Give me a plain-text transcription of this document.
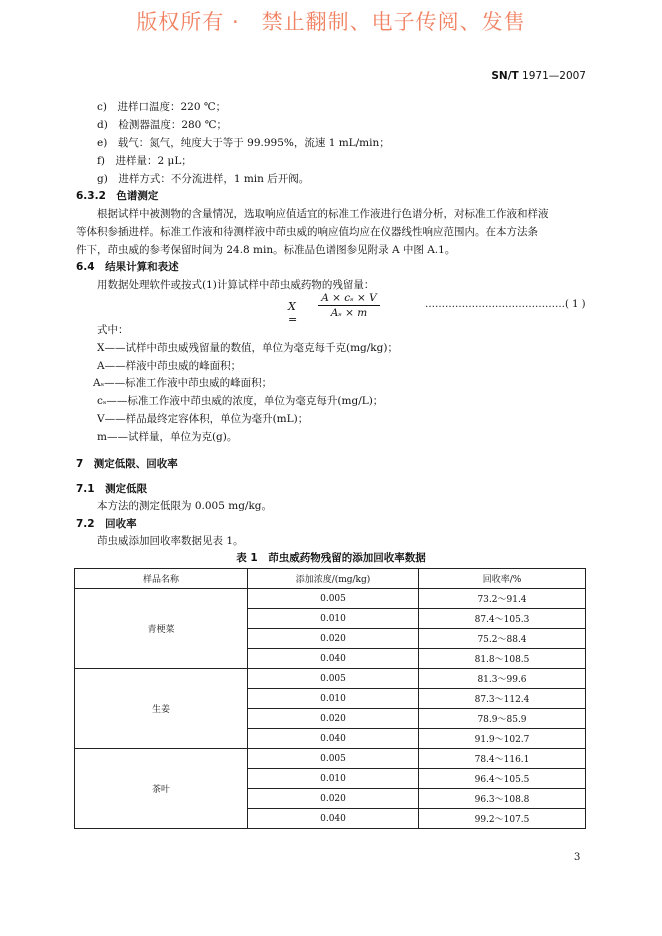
版权所有 ·　禁止翻制、电子传阅、发售
SN/T 1971—2007
c)　进样口温度：220 ℃；
d)　检测器温度：280 ℃；
e)　载气：氮气，纯度大于等于 99.995%，流速 1 mL/min；
f)　进样量：2 μL；
g)　进样方式：不分流进样，1 min 后开阀。
6.3.2　色谱测定
根据试样中被测物的含量情况，选取响应值适宜的标准工作液进行色谱分析，对标准工作液和样液
等体积参插进样。标准工作液和待测样液中茚虫威的响应值均应在仪器线性响应范围内。在本方法条
件下，茚虫威的参考保留时间为 24.8 min。标准品色谱图参见附录 A 中图 A.1。
6.4　结果计算和表述
用数据处理软件或按式(1)计算试样中茚虫威药物的残留量：
X =
$\frac{\text{A × cₛ × V}}{\text{Aₛ × m}}$	…………………………………… ( 1 )
式中：
X——试样中茚虫威残留量的数值，单位为毫克每千克(mg/kg)；
A——样液中茚虫威的峰面积；
Aₛ——标准工作液中茚虫威的峰面积；
cₛ——标准工作液中茚虫威的浓度，单位为毫克每升(mg/L)；
V——样品最终定容体积，单位为毫升(mL)；
m——试样量，单位为克(g)。
7　测定低限、回收率
7.1　测定低限
本方法的测定低限为 0.005 mg/kg。
7.2　回收率
茚虫威添加回收率数据见表 1。
表 1　茚虫威药物残留的添加回收率数据
样品名称	添加浓度/(mg/kg)	回收率/%
青梗菜	0.005	73.2～91.4
	0.010	87.4～105.3
	0.020	75.2～88.4
	0.040	81.8～108.5
生姜	0.005	81.3～99.6
	0.010	87.3～112.4
	0.020	78.9～85.9
	0.040	91.9～102.7
茶叶	0.005	78.4～116.1
	0.010	96.4～105.5
	0.020	96.3～108.8
	0.040	99.2～107.5
3
